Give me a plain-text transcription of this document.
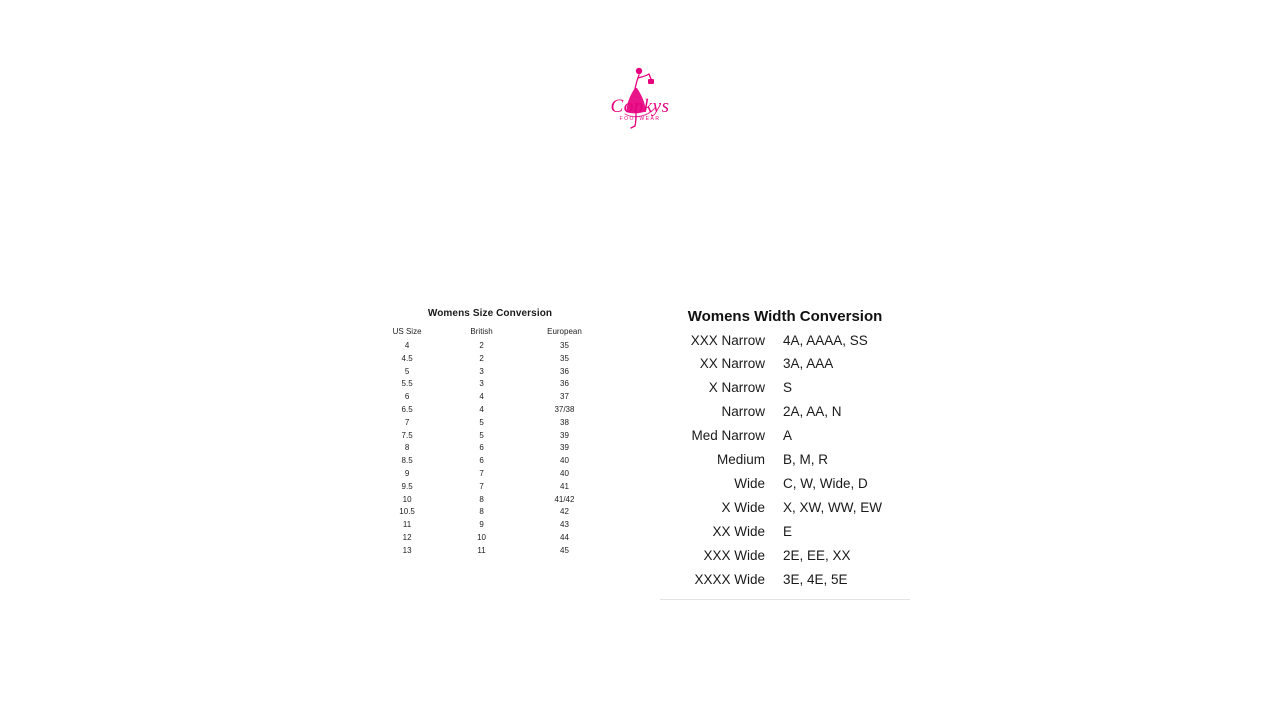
Conkys
FOOTWEAR
Womens Size Conversion
US Size	British	European
4	2	35
4.5	2	35
5	3	36
5.5	3	36
6	4	37
6.5	4	37/38
7	5	38
7.5	5	39
8	6	39
8.5	6	40
9	7	40
9.5	7	41
10	8	41/42
10.5	8	42
11	9	43
12	10	44
13	11	45
Womens Width Conversion
XXX Narrow	4A, AAAA, SS
XX Narrow	3A, AAA
X Narrow	S
Narrow	2A, AA, N
Med Narrow	A
Medium	B, M, R
Wide	C, W, Wide, D
X Wide	X, XW, WW, EW
XX Wide	E
XXX Wide	2E, EE, XX
XXXX Wide	3E, 4E, 5E
